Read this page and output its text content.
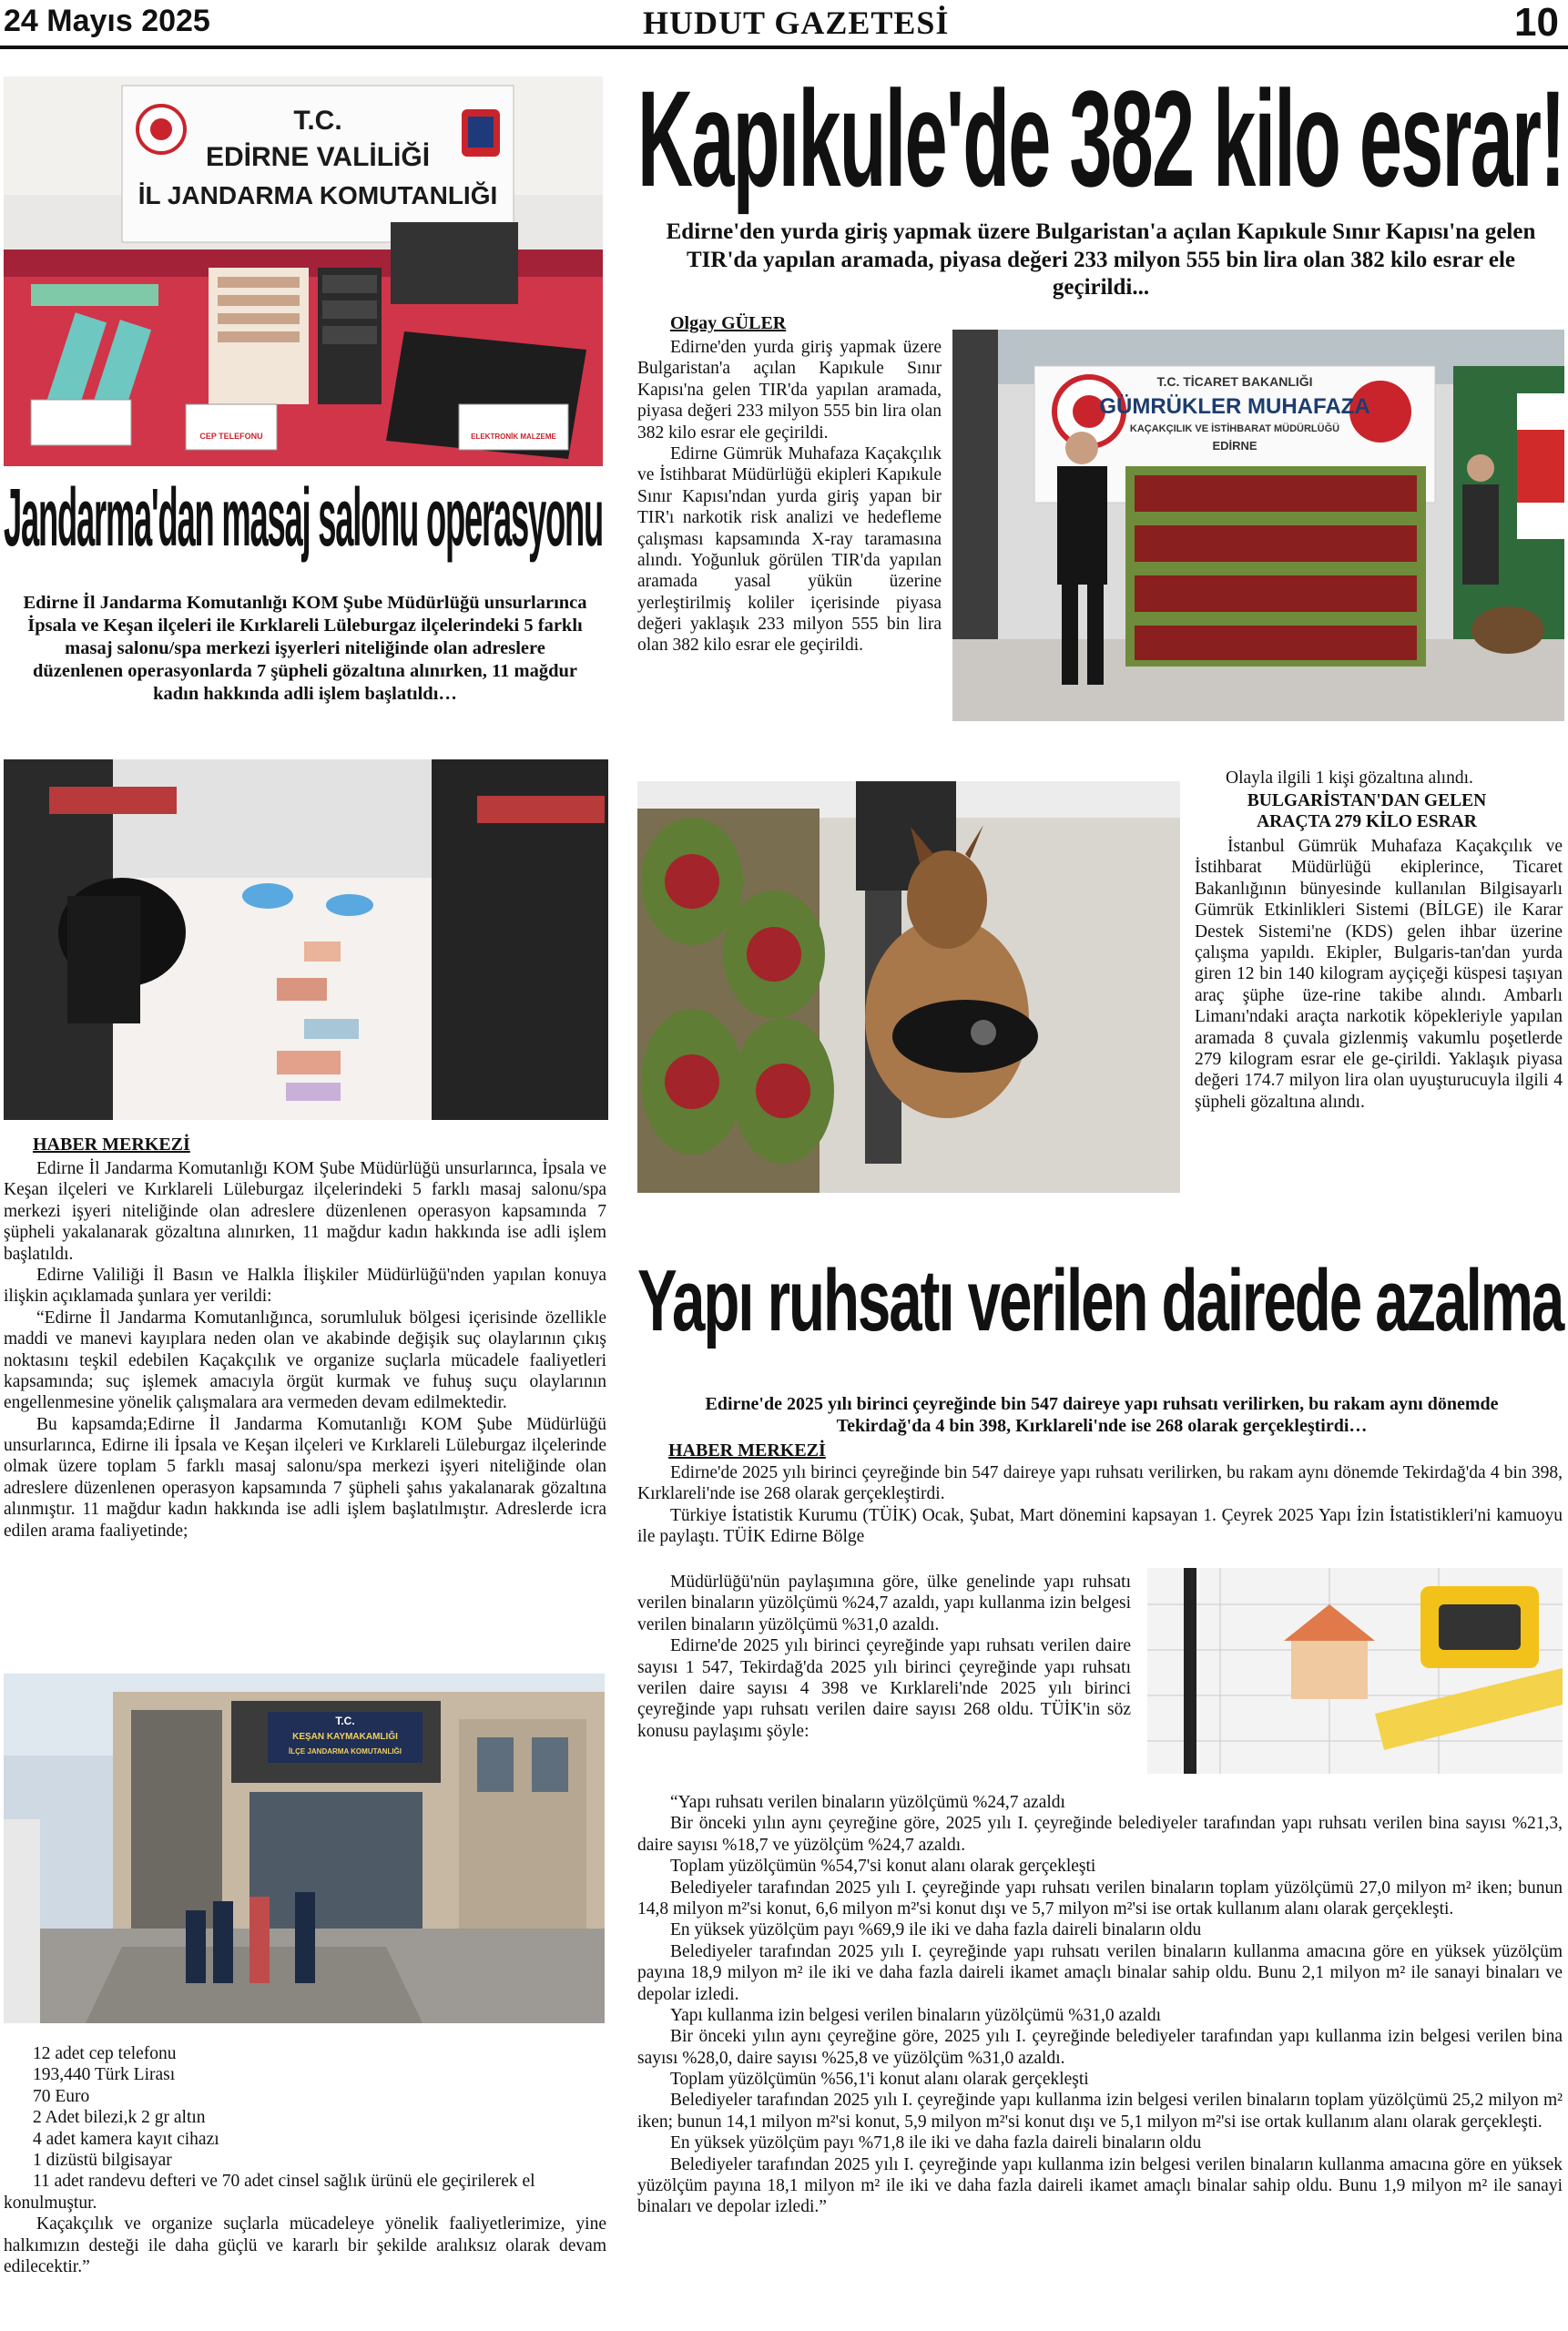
24 Mayıs 2025	HUDUT GAZETESİ	10
T.C.
EDİRNE VALİLİĞİ
İL JANDARMA KOMUTANLIĞI
CEP TELEFONU	ELEKTRONİK MALZEME
Jandarma'dan masaj salonu operasyonu
Edirne İl Jandarma Komutanlığı KOM Şube Müdürlüğü unsurlarınca İpsala ve Keşan ilçeleri ile Kırklareli Lüleburgaz ilçelerindeki 5 farklı masaj salonu/spa merkezi işyerleri niteliğinde olan adreslere düzenlenen operasyonlarda 7 şüpheli gözaltına alınırken, 11 mağdur kadın hakkında adli işlem başlatıldı…
HABER MERKEZİ

Edirne İl Jandarma Komutanlığı KOM Şube Müdürlüğü unsurlarınca, İpsala ve Keşan ilçeleri ve Kırklareli Lüleburgaz ilçelerindeki 5 farklı masaj salonu/spa merkezi işyeri niteliğinde olan adreslere düzenlenen operasyon kapsamında 7 şüpheli yakalanarak gözaltına alınırken, 11 mağdur kadın hakkında ise adli işlem başlatıldı.

Edirne Valiliği İl Basın ve Halkla İlişkiler Müdürlüğü'nden yapılan konuya ilişkin açıklamada şunlara yer verildi:

“Edirne İl Jandarma Komutanlığınca, sorumluluk bölgesi içerisinde özellikle maddi ve manevi kayıplara neden olan ve akabinde değişik suç olaylarının çıkış noktasını teşkil edebilen Kaçakçılık ve organize suçlarla mücadele faaliyetleri kapsamında; suç işlemek amacıyla örgüt kurmak ve fuhuş suçu olaylarının engellenmesine yönelik çalışmalara ara vermeden devam edilmektedir.

Bu kapsamda;Edirne İl Jandarma Komutanlığı KOM Şube Müdürlüğü unsurlarınca, Edirne ili İpsala ve Keşan ilçeleri ve Kırklareli Lüleburgaz ilçelerinde olmak üzere toplam 5 farklı masaj salonu/spa merkezi işyeri niteliğinde olan adreslere düzenlenen operasyon kapsamında 7 şüpheli şahıs yakalanarak gözaltına alınmıştır. 11 mağdur kadın hakkında ise adli işlem başlatılmıştır. Adreslerde icra edilen arama faaliyetinde;

T.C.
KEŞAN KAYMAKAMLIĞI
İLÇE JANDARMA KOMUTANLIĞI
12 adet cep telefonu
193,440 Türk Lirası
70 Euro
2 Adet bilezi,k 2 gr altın
4 adet kamera kayıt cihazı
1 dizüstü bilgisayar
11 adet randevu defteri ve 70 adet cinsel sağlık ürünü ele geçirilerek el konulmuştur.

Kaçakçılık ve organize suçlarla mücadeleye yönelik faaliyetlerimize, yine halkımızın desteği ile daha güçlü ve kararlı bir şekilde aralıksız olarak devam edilecektir.”

Kapıkule'de 382 kilo esrar!
Edirne'den yurda giriş yapmak üzere Bulgaristan'a açılan Kapıkule Sınır Kapısı'na gelen TIR'da yapılan aramada, piyasa değeri 233 milyon 555 bin lira olan 382 kilo esrar ele geçirildi...
Olgay GÜLER

Edirne'den yurda giriş yapmak üzere Bulgaristan'a açılan Kapıkule Sınır Kapısı'na gelen TIR'da yapılan aramada, piyasa değeri 233 milyon 555 bin lira olan 382 kilo esrar ele geçirildi.

Edirne Gümrük Muhafaza Kaçakçılık ve İstihbarat Müdürlüğü ekipleri Kapıkule Sınır Kapısı'ndan yurda giriş yapan bir TIR'ı narkotik risk analizi ve hedefleme çalışması kapsamında X-ray taramasına alındı. Yoğunluk görülen TIR'da yapılan aramada yasal yükün üzerine yerleştirilmiş koliler içerisinde piyasa değeri yaklaşık 233 milyon 555 bin lira olan 382 kilo esrar ele geçirildi.

T.C. TİCARET BAKANLIĞI
GÜMRÜKLER MUHAFAZA
KAÇAKÇILIK VE İSTİHBARAT MÜDÜRLÜĞÜ
EDİRNE
Olayla ilgili 1 kişi gözaltına alındı.
BULGARİSTAN'DAN GELEN ARAÇTA 279 KİLO ESRAR

İstanbul Gümrük Muhafaza Kaçakçılık ve İstihbarat Müdürlüğü ekiplerince, Ticaret Bakanlığının bünyesinde kullanılan Bilgisayarlı Gümrük Etkinlikleri Sistemi (BİLGE) ile Karar Destek Sistemi'ne (KDS) gelen ihbar üzerine çalışma yapıldı. Ekipler, Bulgaris-tan'dan yurda giren 12 bin 140 kilogram ayçiçeği küspesi taşıyan araç şüphe üze-rine takibe alındı. Ambarlı Limanı'ndaki araçta narkotik köpekleriyle yapılan aramada 8 çuvala gizlenmiş vakumlu poşetlerde 279 kilogram esrar ele ge-çirildi. Yaklaşık piyasa değeri 174.7 milyon lira olan uyuşturucuyla ilgili 4 şüpheli gözaltına alındı.

Yapı ruhsatı verilen dairede azalma
Edirne'de 2025 yılı birinci çeyreğinde bin 547 daireye yapı ruhsatı verilirken, bu rakam aynı dönemde Tekirdağ'da 4 bin 398, Kırklareli'nde ise 268 olarak gerçekleştirdi…
HABER MERKEZİ

Edirne'de 2025 yılı birinci çeyreğinde bin 547 daireye yapı ruhsatı verilirken, bu rakam aynı dönemde Tekirdağ'da 4 bin 398, Kırklareli'nde ise 268 olarak gerçekleştirdi.

Türkiye İstatistik Kurumu (TÜİK) Ocak, Şubat, Mart dönemini kapsayan 1. Çeyrek 2025 Yapı İzin İstatistikleri'ni kamuoyu ile paylaştı. TÜİK Edirne Bölge

Müdürlüğü'nün paylaşımına göre, ülke genelinde yapı ruhsatı verilen binaların yüzölçümü %24,7 azaldı, yapı kullanma izin belgesi verilen binaların yüzölçümü %31,0 azaldı.

Edirne'de 2025 yılı birinci çeyreğinde yapı ruhsatı verilen daire sayısı 1 547, Tekirdağ'da 2025 yılı birinci çeyreğinde yapı ruhsatı verilen daire sayısı 4 398 ve Kırklareli'nde 2025 yılı birinci çeyreğinde yapı ruhsatı verilen daire sayısı 268 oldu. TÜİK'in söz konusu paylaşımı şöyle:

“Yapı ruhsatı verilen binaların yüzölçümü %24,7 azaldı

Bir önceki yılın aynı çeyreğine göre, 2025 yılı I. çeyreğinde belediyeler tarafından yapı ruhsatı verilen bina sayısı %21,3, daire sayısı %18,7 ve yüzölçüm %24,7 azaldı.

Toplam yüzölçümün %54,7'si konut alanı olarak gerçekleşti

Belediyeler tarafından 2025 yılı I. çeyreğinde yapı ruhsatı verilen binaların toplam yüzölçümü 27,0 milyon m² iken; bunun 14,8 milyon m²'si konut, 6,6 milyon m²'si konut dışı ve 5,7 milyon m²'si ise ortak kullanım alanı olarak gerçekleşti.

En yüksek yüzölçüm payı %69,9 ile iki ve daha fazla daireli binaların oldu

Belediyeler tarafından 2025 yılı I. çeyreğinde yapı ruhsatı verilen binaların kullanma amacına göre en yüksek yüzölçüm payına 18,9 milyon m² ile iki ve daha fazla daireli ikamet amaçlı binalar sahip oldu. Bunu 2,1 milyon m² ile sanayi binaları ve depolar izledi.

Yapı kullanma izin belgesi verilen binaların yüzölçümü %31,0 azaldı

Bir önceki yılın aynı çeyreğine göre, 2025 yılı I. çeyreğinde belediyeler tarafından yapı kullanma izin belgesi verilen bina sayısı %28,0, daire sayısı %25,8 ve yüzölçüm %31,0 azaldı.

Toplam yüzölçümün %56,1'i konut alanı olarak gerçekleşti

Belediyeler tarafından 2025 yılı I. çeyreğinde yapı kullanma izin belgesi verilen binaların toplam yüzölçümü 25,2 milyon m² iken; bunun 14,1 milyon m²'si konut, 5,9 milyon m²'si konut dışı ve 5,1 milyon m²'si ise ortak kullanım alanı olarak gerçekleşti.

En yüksek yüzölçüm payı %71,8 ile iki ve daha fazla daireli binaların oldu

Belediyeler tarafından 2025 yılı I. çeyreğinde yapı kullanma izin belgesi verilen binaların kullanma amacına göre en yüksek yüzölçüm payına 18,1 milyon m² ile iki ve daha fazla daireli ikamet amaçlı binalar sahip oldu. Bunu 1,9 milyon m² ile sanayi binaları ve depolar izledi.”
